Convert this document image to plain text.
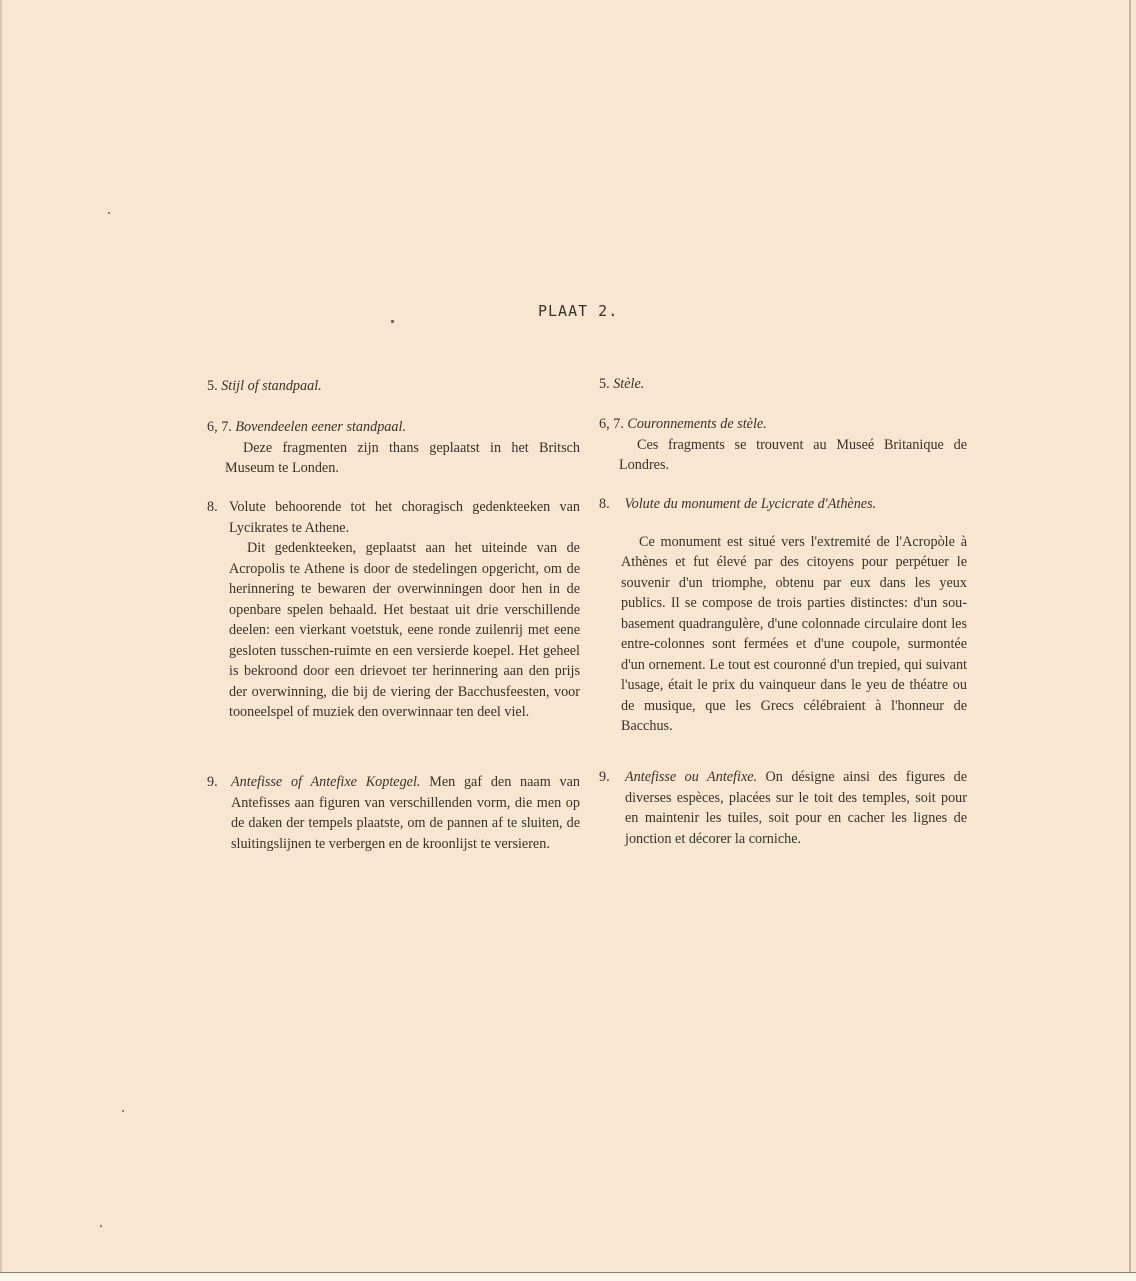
PLAAT 2.
5. Stijl of standpaal.
6, 7. Bovendeelen eener standpaal.
Deze fragmenten zijn thans geplaatst in het Britsch Museum te Londen.
8. Volute behoorende tot het choragisch gedenkteeken van Lycikrates te Athene.
Dit gedenkteeken, geplaatst aan het uiteinde van de Acropolis te Athene is door de stedelingen opgericht, om de herinnering te bewaren der overwinningen door hen in de openbare spelen behaald. Het bestaat uit drie verschillende deelen: een vierkant voetstuk, eene ronde zuilenrij met eene gesloten tusschen-ruimte en een versierde koepel. Het geheel is bekroond door een drievoet ter herinnering aan den prijs der overwinning, die bij de viering der Bacchusfeesten, voor tooneelspel of muziek den overwinnaar ten deel viel.
9. Antefisse of Antefixe Koptegel. Men gaf den naam van Antefisses aan figuren van verschillenden vorm, die men op de daken der tempels plaatste, om de pannen af te sluiten, de sluitingslijnen te verbergen en de kroonlijst te versieren.
5. Stèle.
6, 7. Couronnements de stèle.
Ces fragments se trouvent au Museé Britanique de Londres.
8. Volute du monument de Lycicrate d'Athènes.
Ce monument est situé vers l'extremité de l'Acropòle à Athènes et fut élevé par des citoyens pour perpétuer le souvenir d'un triomphe, obtenu par eux dans les yeux publics. Il se compose de trois parties distinctes: d'un sou-basement quadrangulère, d'une colonnade circulaire dont les entre-colonnes sont fermées et d'une coupole, surmontée d'un ornement. Le tout est couronné d'un trepied, qui suivant l'usage, était le prix du vainqueur dans le yeu de théatre ou de musique, que les Grecs célébraient à l'honneur de Bacchus.
9.	Antefisse ou Antefixe. On désigne ainsi des figures de diverses espèces, placées sur le toit des temples, soit pour en maintenir les tuiles, soit pour en cacher les lignes de jonction et décorer la corniche.
